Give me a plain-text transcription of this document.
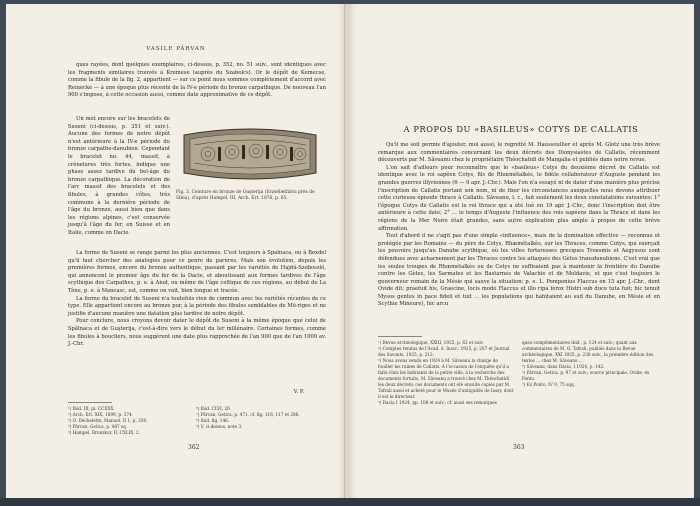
VASILE PÂRVAN

ques rayées, dont quelques exemplaires, ci-dessus, p. 352, no. 51 suiv., sont identiques avec les fragments similaires trouvés à Kremese (auprès du Szabolcs). Or le dépôt de Kemecse, comme la fibule de la fig. 2, appartient — sur ce point nous sommes complètement d'accord avec Reinecke — à une époque plus récente de la IV-e période du bronze carpathique. De nouveau l'an 900 s'impose, à cette occasion aussi, comme date approximative de ce dépôt.

Un mot encore sur les bracelets de Suseni (ci-dessus, p. 351 et suiv.). Aucune des formes de notre dépôt n'est antérieure à la IV-e période du bronze carpatho-danubien. Cependant le bracelet no. 44, massif, à crénelures très fortes, indique une phase assez tardive du bel-âge du bronze carpathique. La décoration de l'arc massif des bracelets et des fibules, à grandes côtes, très commune à la dernière période de l'âge du bronze, aussi bien que dans les régions alpines, c'est conservée jusqu'à l'âge du fer, en Suisse et en Italie, comme on Dacie.

Fig. 3. Ceinture en bronze de Guşterija (Erzsébetfalva près de Sibiu), d'après Hampel, III, Arch. Ért. 1876, p. 65.

La forme de Suseni se range parmi les plus anciennes. C'est toujours à Spalnaca, ou à Bexdel qu'il faut chercher des analogies pour ce genre de parures. Mais son évolution, depuis les premières formes, encore du bronze authentique, passant par les variétés de Hajdú-Szoboszló, qui annoncent le premier âge du fer de la Dacie, et aboutissant aux formes tardives de l'âge scythique des Carpathes, p. e. à Aiud, ou même de l'âge celtique de ces régions, au début de La Tène, p. e. à Mancasc, est, comme on voit, bien longue et tracée.

La forme du bracelet de Suseni n'a toutefois rien de commun avec les variétés récentes de ce type. Elle appartient encore au bronze pur, à la période des fibules semblables de Mö-riges et ne justifie d'aucune manière une datation plus tardive de notre dépôt.

Pour conclure, nous croyons devoir dater le dépôt de Suseni à la même époque que celui de Spălnaca et de Guşterija, c'est-à-dire vers le début du Ier millénaire. Certaines formes, comme les fibules à boucliers, nous suggèrent une date plus rapprochée de l'an 900 que de l'an 1000 av. J.-Chr.

V. P.
¹) Ibid. III, pl. CCXXX.
²) Arch. Ért. XIX, 1899, p. 374.
³) O. Déchelette, Manuel, II 1, p. 330.
⁴) Pârvan, Getica, p. 487 sq.
⁵) Hampel, Bronzkor, II, CXLIX, 2.
⁶) Ibid. CLVI, 26.
⁷) Pârvan, Getica, p. 471, cf. fig. 116, 117 et 286.
⁸) Ibid. fig. 146.
⁹) V. ci-dessus, note 3.
362
A PROPOS DU «BASILEUS» COTYS DE CALLATIS

Qu'il me soit permis d'ajouter, moi aussi, le regretté M. Haussoullier et après M. Glotz une très brève remarque aux commentaires concernant les deux décrets des Dionysiastes de Callatis, récemment découverts par M. Săveanu chez le propriétaire Théochatidi de Mangalia et publiés dans notre revue.

L'on sait d'ailleurs pour reconnaître que le «basileus» Cotys du deuxième décret de Callatis est identique avec le roi sapéen Cotys, fils de Rhœmétalkès, le fidèle collaborateur d'Auguste pendant les grandes guerres illyriennes (6 — 9 apr. J.-Chr.). Mais l'on n'a essayé ni de dater d'une manière plus précise l'inscription de Callatis portant son nom, ni de fixer les circonstances auxquelles nous devons attribuer cette curieuse épisode thrace à Callatis. Săveanu, l. c., fait seulement les deux constatations suivantes: 1° l'époque Cotys de Callatis est le roi thrace qui a été tué en 19 apr. J.-Chr., donc l'inscription doit être antérieure à cette date; 2° ... le temps d'Auguste l'influence des rois sapéens dans la Thrace et dans les régions de la Mer Noire était grandes, sans autre explication plus ample à propos de cette brève affirmation.

Tout d'abord il ne s'agit pas d'une simple «influence», mais de la domination effective — reconnue et protégée par les Romains — du père de Cotys, Rhæmétalkès, sur les Thraces, comme Cotys, qui exerçait les pouvoirs jusqu'au Danube scythique, où les villes forteresses grecques Troesmis et Aegyssus sont défendues avec acharnement par les Thraces contre les attaques des Gètes transdanubiens. C'est vrai que les seules troupes de Rhœmétalkès ou de Cotys ne suffisaient pas à maintenir la frontière du Danube contre les Gètes, les Sarmates et les Bastarnes de Valachie et de Moldavie, et que c'est toujours le gouverneur romain de la Mésie qui sauve la situation: p. e. L. Pomponius Flaccus en 15 apr. J.-Chr., dont Ovide dit: praefuit his, Graecine, locis modo Flaccus et illo ripa ferox Histri sub duce tuta fuit; hic tenuit Mysos gentes in pace fideli et tuit ... les populations qui habitaient au sud du Danube, en Mésie et en Scythie Mineure), hic arcu

¹) Revue archéologique, XXIII, 1925, p. 62 et suiv.
²) Comptes rendus de l'Acad. d. Inscr., 1925, p. 207 et Journal des Savants, 1925, p. 212.
³) Nous avons vendu en 1924 à M. Săveanu la charge de fouiller les ruines de Callatis. A l'occasion de l'enquête qu'il a faite chez les habitants de la petite ville, à la recherche des documents fortuits, M. Săveanu a trouvé chez M. Théochatidi les deux décrets; ces documents ont été ensuite copiés par M. Tafrali aussi et acheté pour le Musée d'antiquités de Iassy, dont il est le directeur.
⁴) Dacia I 1924, pp. 108 et suiv.; cf. aussi ses remarques
ques complémentaires ibid., p. 124 et suiv.; quant aux commentaires de M. O. Tafrali, publiés dans la Revue archéologique, XXI 1925, p. 238 suiv., la première édition des textes ... chez M. Săveanu ...
⁵) Săveanu, dans Dacia, I 1924, p. 142.
⁶) Pârvan, Getica, p. 97 et suiv.; source principale, Ovide, ex Ponto.
⁷) Ex Ponto, IV 9, 75 sqq.
363
